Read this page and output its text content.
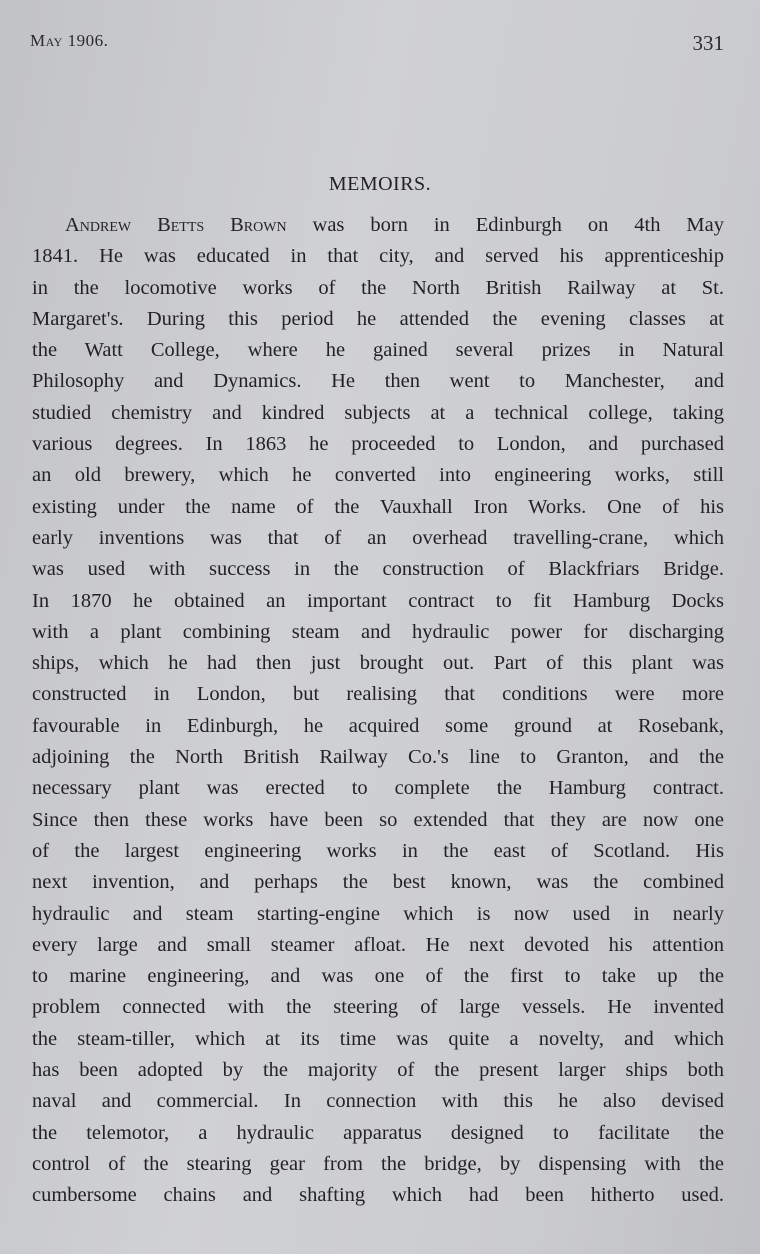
May 1906.	331
MEMOIRS.
Andrew Betts Brown was born in Edinburgh on 4th May
1841. He was educated in that city, and served his apprenticeship
in the locomotive works of the North British Railway at St.
Margaret's. During this period he attended the evening classes at
the Watt College, where he gained several prizes in Natural
Philosophy and Dynamics. He then went to Manchester, and
studied chemistry and kindred subjects at a technical college, taking
various degrees. In 1863 he proceeded to London, and purchased
an old brewery, which he converted into engineering works, still
existing under the name of the Vauxhall Iron Works. One of his
early inventions was that of an overhead travelling-crane, which
was used with success in the construction of Blackfriars Bridge.
In 1870 he obtained an important contract to fit Hamburg Docks
with a plant combining steam and hydraulic power for discharging
ships, which he had then just brought out. Part of this plant was
constructed in London, but realising that conditions were more
favourable in Edinburgh, he acquired some ground at Rosebank,
adjoining the North British Railway Co.'s line to Granton, and the
necessary plant was erected to complete the Hamburg contract.
Since then these works have been so extended that they are now one
of the largest engineering works in the east of Scotland. His
next invention, and perhaps the best known, was the combined
hydraulic and steam starting-engine which is now used in nearly
every large and small steamer afloat. He next devoted his attention
to marine engineering, and was one of the first to take up the
problem connected with the steering of large vessels. He invented
the steam-tiller, which at its time was quite a novelty, and which
has been adopted by the majority of the present larger ships both
naval and commercial. In connection with this he also devised
the telemotor, a hydraulic apparatus designed to facilitate the
control of the stearing gear from the bridge, by dispensing with the
cumbersome chains and shafting which had been hitherto used.
